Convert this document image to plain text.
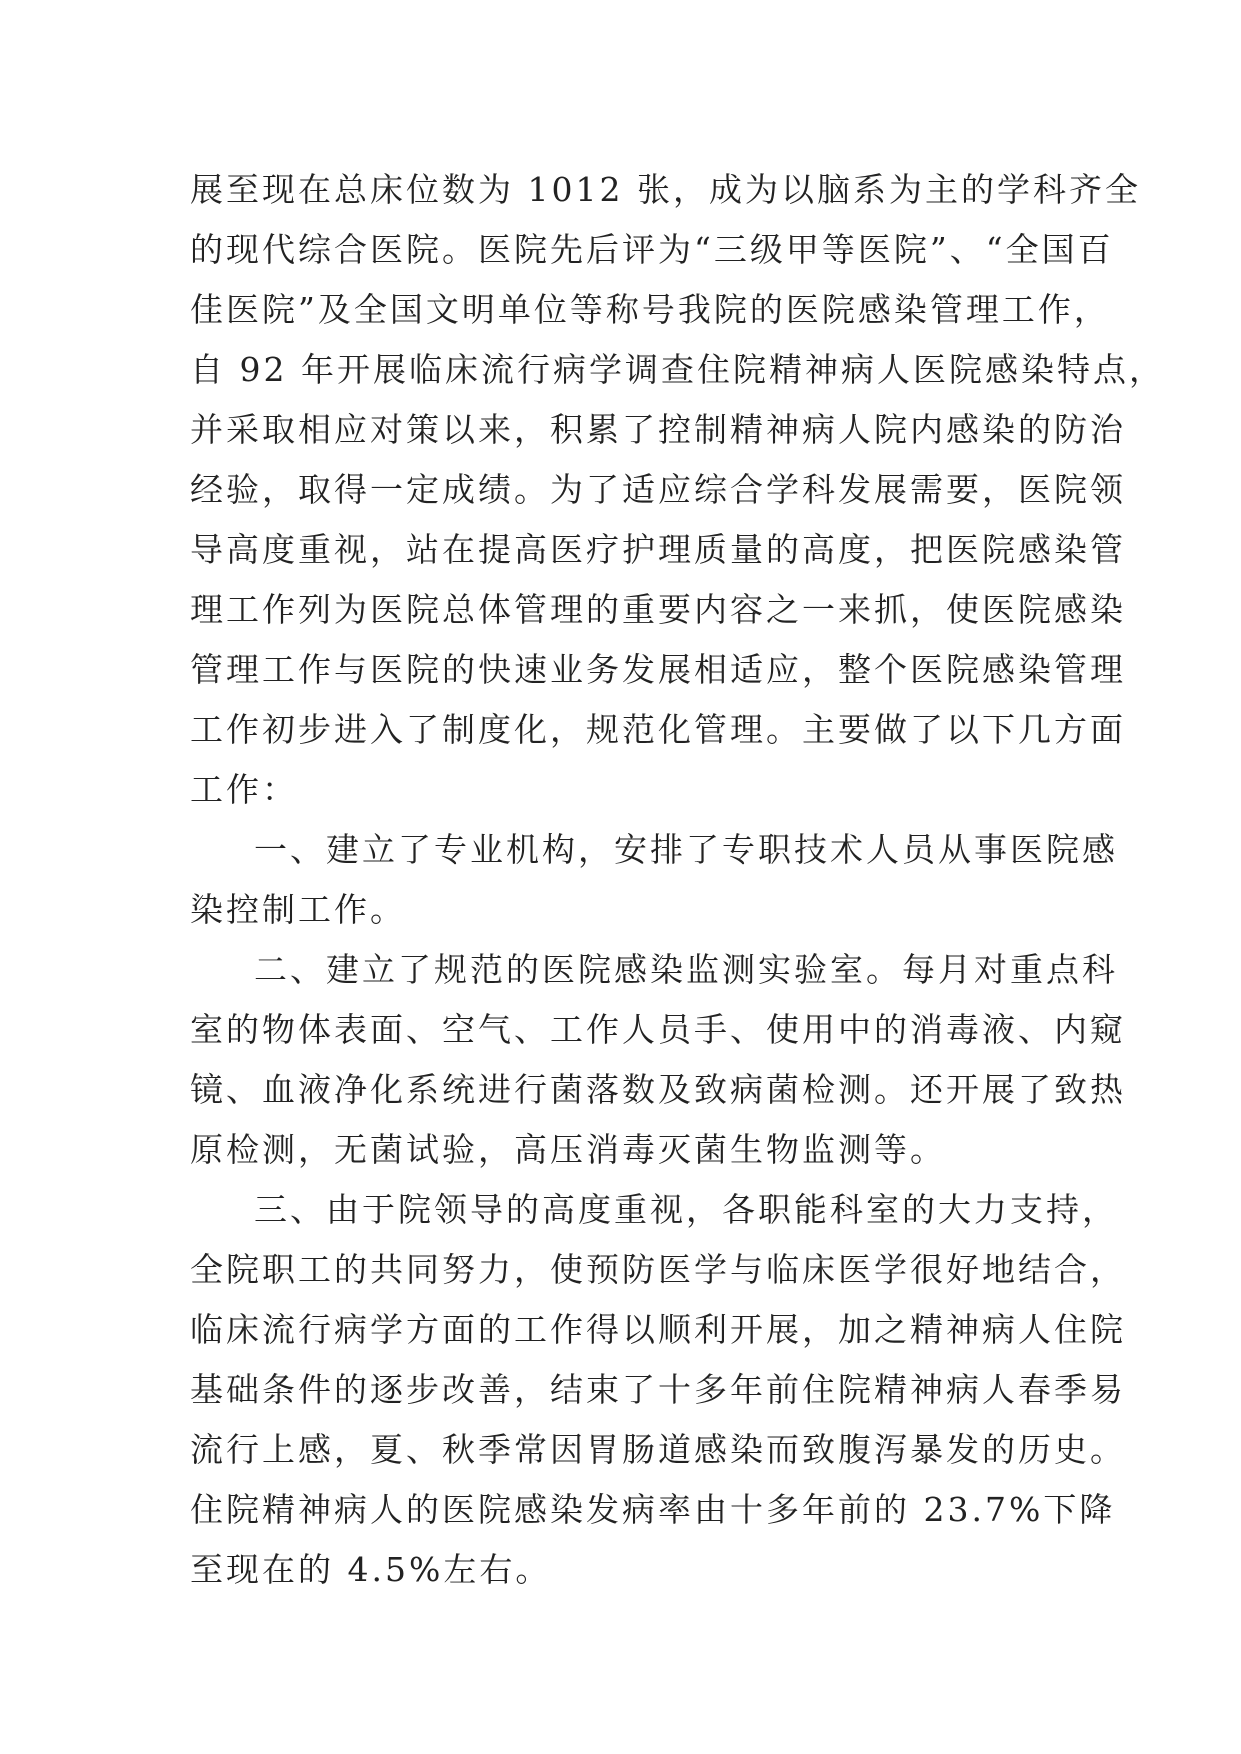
展至现在总床位数为 1012 张，成为以脑系为主的学科齐全
的现代综合医院。医院先后评为“三级甲等医院”、“全国百
佳医院”及全国文明单位等称号我院的医院感染管理工作，
自 92 年开展临床流行病学调查住院精神病人医院感染特点，
并采取相应对策以来，积累了控制精神病人院内感染的防治
经验，取得一定成绩。为了适应综合学科发展需要，医院领
导高度重视，站在提高医疗护理质量的高度，把医院感染管
理工作列为医院总体管理的重要内容之一来抓，使医院感染
管理工作与医院的快速业务发展相适应，整个医院感染管理
工作初步进入了制度化，规范化管理。主要做了以下几方面
工作：
一、建立了专业机构，安排了专职技术人员从事医院感
染控制工作。
二、建立了规范的医院感染监测实验室。每月对重点科
室的物体表面、空气、工作人员手、使用中的消毒液、内窥
镜、血液净化系统进行菌落数及致病菌检测。还开展了致热
原检测，无菌试验，高压消毒灭菌生物监测等。
三、由于院领导的高度重视，各职能科室的大力支持，
全院职工的共同努力，使预防医学与临床医学很好地结合，
临床流行病学方面的工作得以顺利开展，加之精神病人住院
基础条件的逐步改善，结束了十多年前住院精神病人春季易
流行上感，夏、秋季常因胃肠道感染而致腹泻暴发的历史。
住院精神病人的医院感染发病率由十多年前的 23.7%下降
至现在的 4.5%左右。
